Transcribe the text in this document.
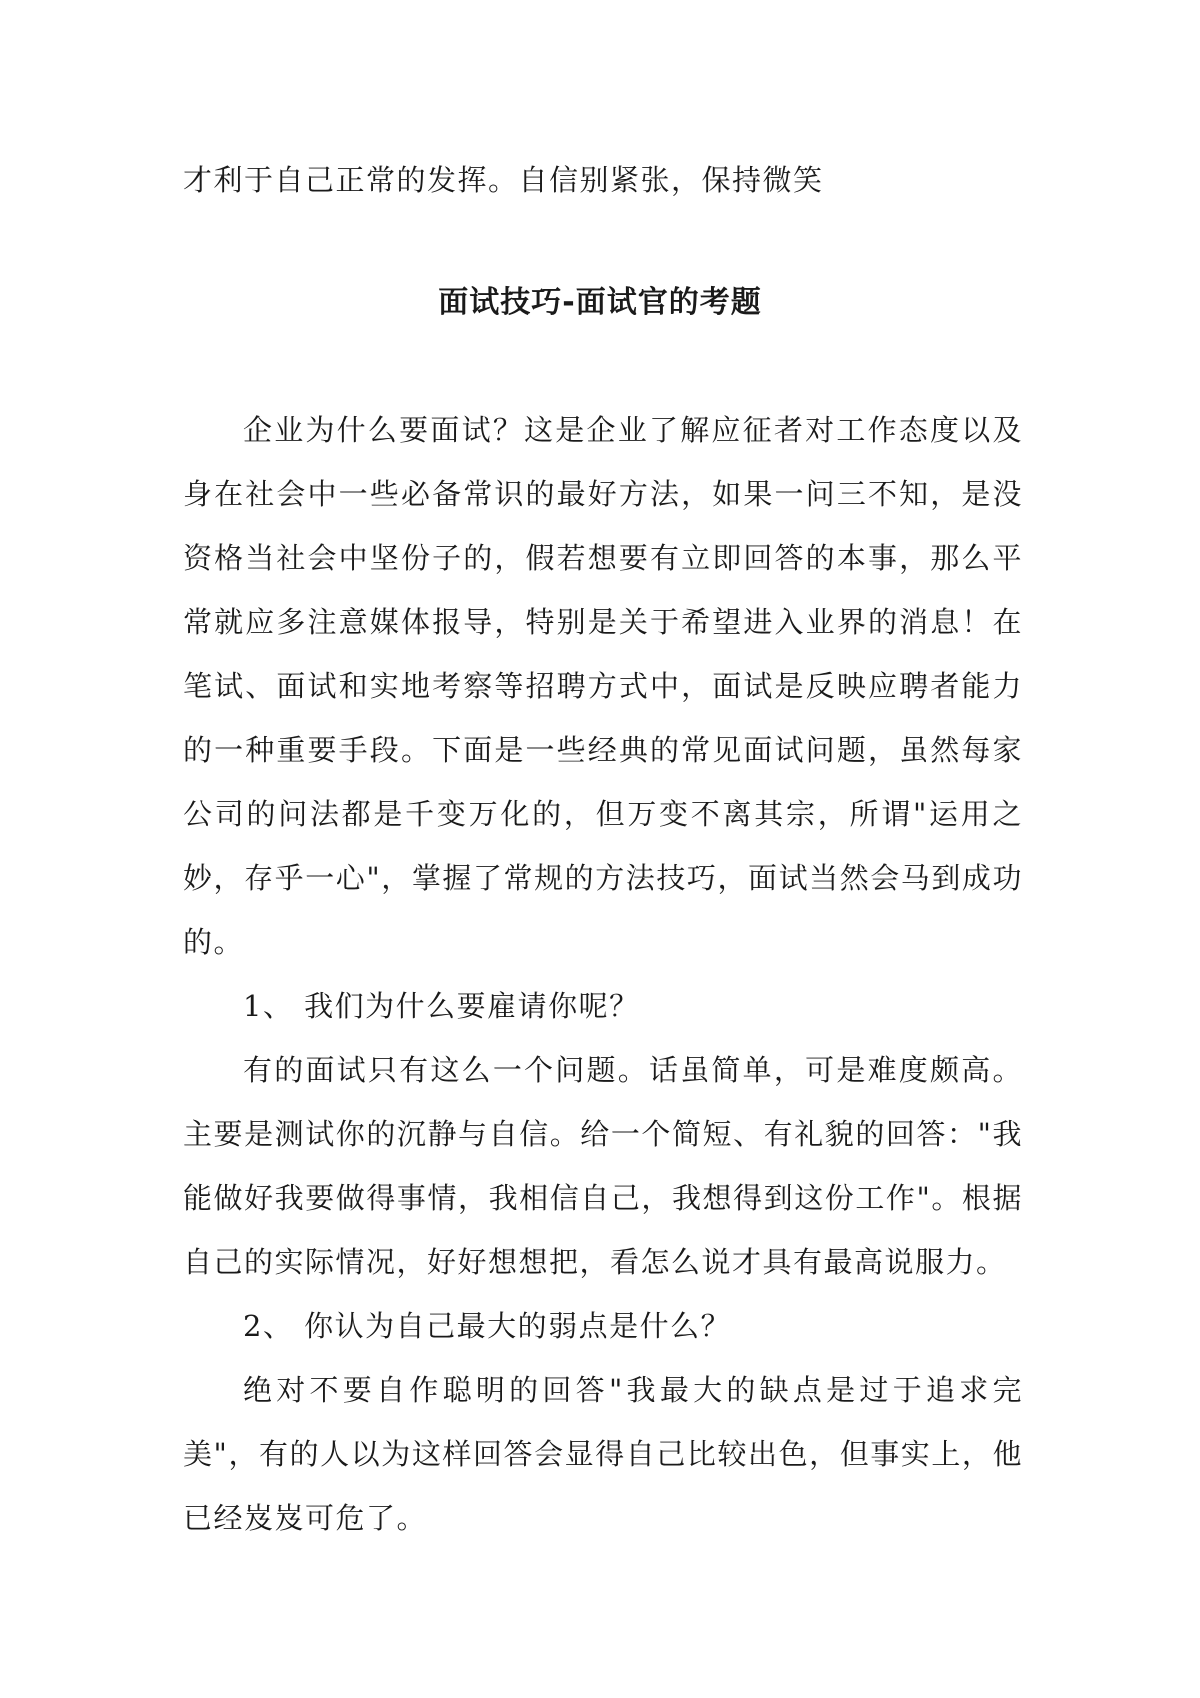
才利于自己正常的发挥。自信别紧张，保持微笑
面试技巧-面试官的考题

企业为什么要面试？这是企业了解应征者对工作态度以及身在社会中一些必备常识的最好方法，如果一问三不知，是没资格当社会中坚份子的，假若想要有立即回答的本事，那么平常就应多注意媒体报导，特别是关于希望进入业界的消息！在笔试、面试和实地考察等招聘方式中，面试是反映应聘者能力的一种重要手段。下面是一些经典的常见面试问题，虽然每家公司的问法都是千变万化的，但万变不离其宗，所谓"运用之妙，存乎一心"，掌握了常规的方法技巧，面试当然会马到成功的。

1、 我们为什么要雇请你呢？

有的面试只有这么一个问题。话虽简单，可是难度颇高。主要是测试你的沉静与自信。给一个简短、有礼貌的回答："我能做好我要做得事情，我相信自己，我想得到这份工作"。根据自己的实际情况，好好想想把，看怎么说才具有最高说服力。

2、 你认为自己最大的弱点是什么？

绝对不要自作聪明的回答"我最大的缺点是过于追求完美"，有的人以为这样回答会显得自己比较出色，但事实上，他已经岌岌可危了。
